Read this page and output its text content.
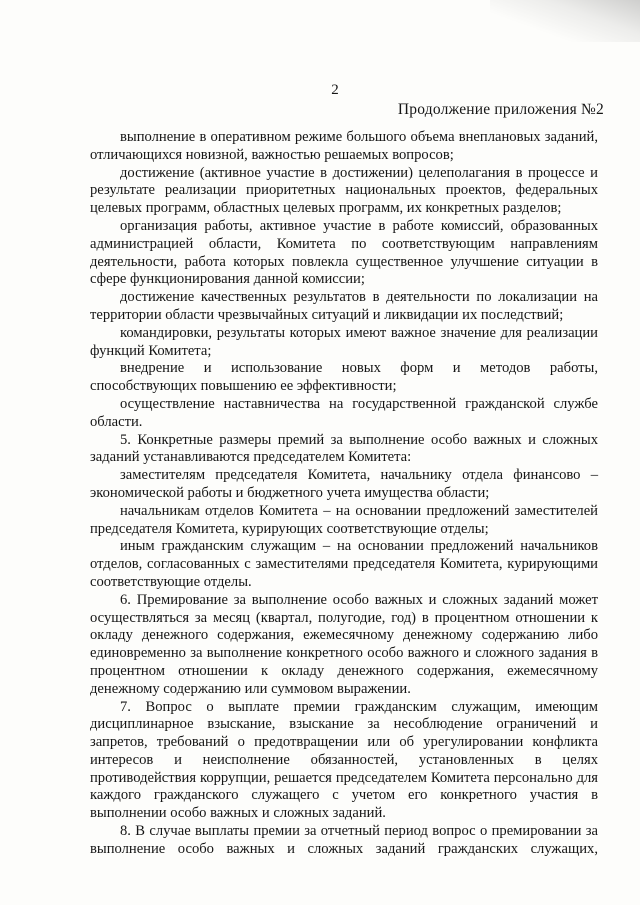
2
Продолжение приложения №2

выполнение в оперативном режиме большого объема внеплановых заданий, отличающихся новизной, важностью решаемых вопросов;

достижение (активное участие в достижении) целеполагания в процессе и результате реализации приоритетных национальных проектов, федеральных целевых программ, областных целевых программ, их конкретных разделов;

организация работы, активное участие в работе комиссий, образованных администрацией области, Комитета по соответствующим направлениям деятельности, работа которых повлекла существенное улучшение ситуации в сфере функционирования данной комиссии;

достижение качественных результатов в деятельности по локализации на территории области чрезвычайных ситуаций и ликвидации их последствий;

командировки, результаты которых имеют важное значение для реализации функций Комитета;

внедрение и использование новых форм и методов работы, способствующих повышению ее эффективности;

осуществление наставничества на государственной гражданской службе области.

5. Конкретные размеры премий за выполнение особо важных и сложных заданий устанавливаются председателем Комитета:

заместителям председателя Комитета, начальнику отдела финансово – экономической работы и бюджетного учета имущества области;

начальникам отделов Комитета – на основании предложений заместителей председателя Комитета, курирующих соответствующие отделы;

иным гражданским служащим – на основании предложений начальников отделов, согласованных с заместителями председателя Комитета, курирующими соответствующие отделы.

6. Премирование за выполнение особо важных и сложных заданий может осуществляться за месяц (квартал, полугодие, год) в процентном отношении к окладу денежного содержания, ежемесячному денежному содержанию либо единовременно за выполнение конкретного особо важного и сложного задания в процентном отношении к окладу денежного содержания, ежемесячному денежному содержанию или суммовом выражении.

7. Вопрос о выплате премии гражданским служащим, имеющим дисциплинарное взыскание, взыскание за несоблюдение ограничений и запретов, требований о предотвращении или об урегулировании конфликта интересов и неисполнение обязанностей, установленных в целях противодействия коррупции, решается председателем Комитета персонально для каждого гражданского служащего с учетом его конкретного участия в выполнении особо важных и сложных заданий.

8. В случае выплаты премии за отчетный период вопрос о премировании за выполнение особо важных и сложных заданий гражданских служащих,
